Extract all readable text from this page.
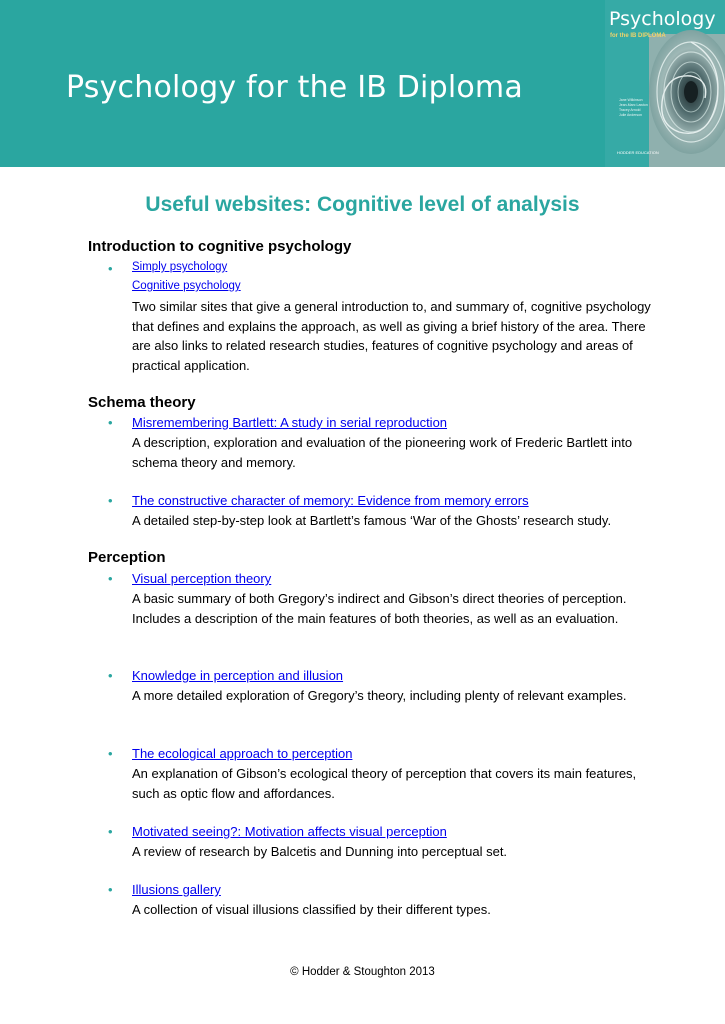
Psychology for the IB Diploma
Psychology
for the IB DIPLOMA
Jane Wilkinson
Jean-Marc Lawton
Tracey Arnold
Julie Anderson
HODDER EDUCATION
Useful websites: Cognitive level of analysis
Introduction to cognitive psychology
• Simply psychology
Cognitive psychology

Two similar sites that give a general introduction to, and summary of, cognitive psychology that defines and explains the approach, as well as giving a brief history of the area. There are also links to related research studies, features of cognitive psychology and areas of practical application.

Schema theory
• Misremembering Bartlett: A study in serial reproduction

A description, exploration and evaluation of the pioneering work of Frederic Bartlett into schema theory and memory.

• The constructive character of memory: Evidence from memory errors

A detailed step-by-step look at Bartlett’s famous ‘War of the Ghosts’ research study.

Perception
• Visual perception theory

A basic summary of both Gregory’s indirect and Gibson’s direct theories of perception. Includes a description of the main features of both theories, as well as an evaluation.

• Knowledge in perception and illusion

A more detailed exploration of Gregory’s theory, including plenty of relevant examples.

• The ecological approach to perception

An explanation of Gibson’s ecological theory of perception that covers its main features, such as optic flow and affordances.

• Motivated seeing?: Motivation affects visual perception

A review of research by Balcetis and Dunning into perceptual set.

• Illusions gallery

A collection of visual illusions classified by their different types.

© Hodder & Stoughton 2013
